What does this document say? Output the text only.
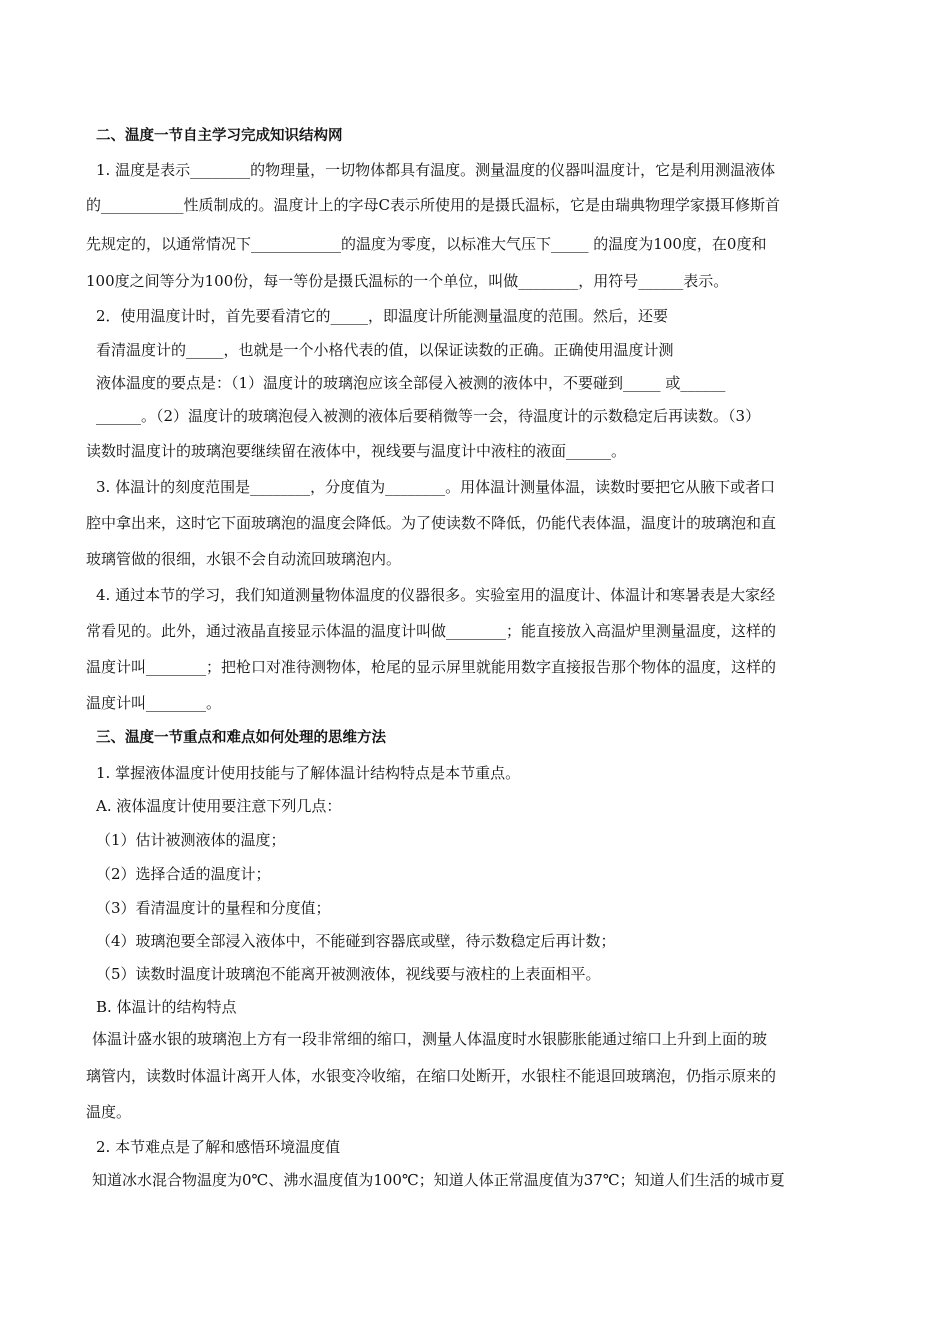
二、温度一节自主学习完成知识结构网
1. 温度是表示________的物理量，一切物体都具有温度。测量温度的仪器叫温度计，它是利用测温液体
的___________性质制成的。温度计上的字母C表示所使用的是摄氏温标，它是由瑞典物理学家摄耳修斯首
先规定的，以通常情况下____________的温度为零度，以标准大气压下_____ 的温度为100度，在0度和
100度之间等分为100份，每一等份是摄氏温标的一个单位，叫做________，用符号______表示。
2．使用温度计时，首先要看清它的_____，即温度计所能测量温度的范围。然后，还要
看清温度计的_____，也就是一个小格代表的值，以保证读数的正确。正确使用温度计测
液体温度的要点是：（1）温度计的玻璃泡应该全部侵入被测的液体中，不要碰到_____ 或______
______。（2）温度计的玻璃泡侵入被测的液体后要稍微等一会，待温度计的示数稳定后再读数。（3）
读数时温度计的玻璃泡要继续留在液体中，视线要与温度计中液柱的液面______。
3. 体温计的刻度范围是________，分度值为________。用体温计测量体温，读数时要把它从腋下或者口
腔中拿出来，这时它下面玻璃泡的温度会降低。为了使读数不降低，仍能代表体温，温度计的玻璃泡和直
玻璃管做的很细，水银不会自动流回玻璃泡内。
4. 通过本节的学习，我们知道测量物体温度的仪器很多。实验室用的温度计、体温计和寒暑表是大家经
常看见的。此外，通过液晶直接显示体温的温度计叫做________；能直接放入高温炉里测量温度，这样的
温度计叫________；把枪口对准待测物体，枪尾的显示屏里就能用数字直接报告那个物体的温度，这样的
温度计叫________。
三、温度一节重点和难点如何处理的思维方法
1. 掌握液体温度计使用技能与了解体温计结构特点是本节重点。
A. 液体温度计使用要注意下列几点：
（1）估计被测液体的温度；
（2）选择合适的温度计；
（3）看清温度计的量程和分度值；
（4）玻璃泡要全部浸入液体中，不能碰到容器底或壁，待示数稳定后再计数；
（5）读数时温度计玻璃泡不能离开被测液体，视线要与液柱的上表面相平。
B. 体温计的结构特点
体温计盛水银的玻璃泡上方有一段非常细的缩口，测量人体温度时水银膨胀能通过缩口上升到上面的玻
璃管内，读数时体温计离开人体，水银变冷收缩，在缩口处断开，水银柱不能退回玻璃泡，仍指示原来的
温度。
2. 本节难点是了解和感悟环境温度值
知道冰水混合物温度为0℃、沸水温度值为100℃；知道人体正常温度值为37℃；知道人们生活的城市夏
